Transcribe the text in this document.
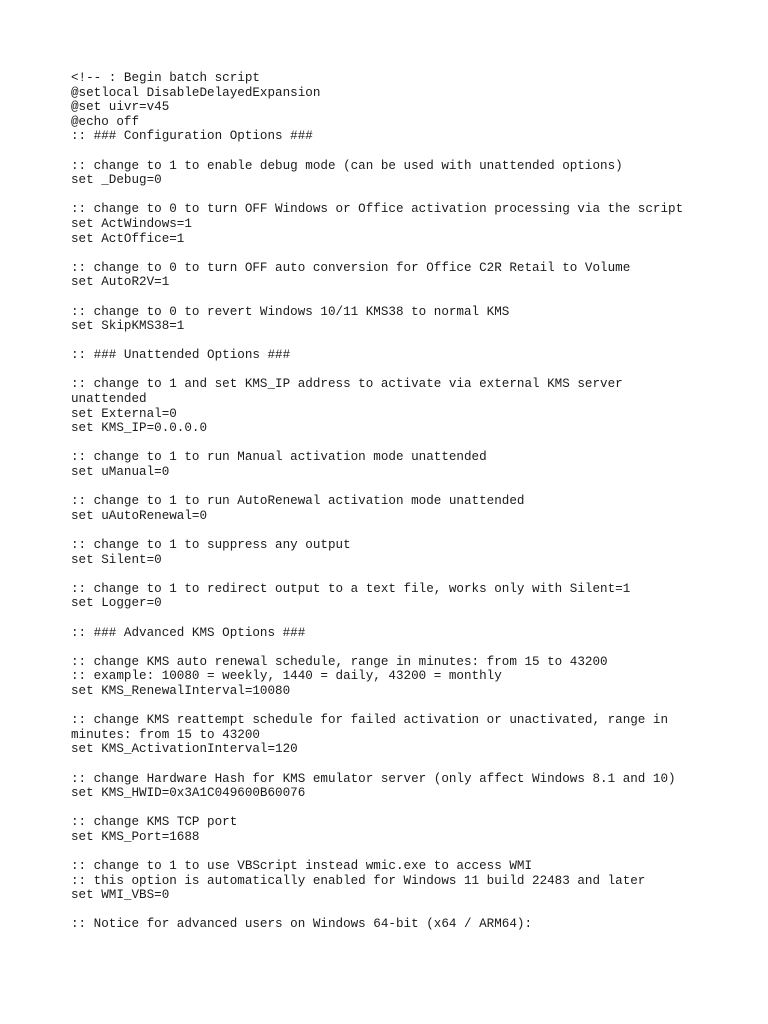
<!-- : Begin batch script
@setlocal DisableDelayedExpansion
@set uivr=v45
@echo off
:: ### Configuration Options ###
:: change to 1 to enable debug mode (can be used with unattended options)
set _Debug=0
:: change to 0 to turn OFF Windows or Office activation processing via the script
set ActWindows=1
set ActOffice=1
:: change to 0 to turn OFF auto conversion for Office C2R Retail to Volume
set AutoR2V=1
:: change to 0 to revert Windows 10/11 KMS38 to normal KMS
set SkipKMS38=1
:: ### Unattended Options ###
:: change to 1 and set KMS_IP address to activate via external KMS server
unattended
set External=0
set KMS_IP=0.0.0.0
:: change to 1 to run Manual activation mode unattended
set uManual=0
:: change to 1 to run AutoRenewal activation mode unattended
set uAutoRenewal=0
:: change to 1 to suppress any output
set Silent=0
:: change to 1 to redirect output to a text file, works only with Silent=1
set Logger=0
:: ### Advanced KMS Options ###
:: change KMS auto renewal schedule, range in minutes: from 15 to 43200
:: example: 10080 = weekly, 1440 = daily, 43200 = monthly
set KMS_RenewalInterval=10080
:: change KMS reattempt schedule for failed activation or unactivated, range in
minutes: from 15 to 43200
set KMS_ActivationInterval=120
:: change Hardware Hash for KMS emulator server (only affect Windows 8.1 and 10)
set KMS_HWID=0x3A1C049600B60076
:: change KMS TCP port
set KMS_Port=1688
:: change to 1 to use VBScript instead wmic.exe to access WMI
:: this option is automatically enabled for Windows 11 build 22483 and later
set WMI_VBS=0
:: Notice for advanced users on Windows 64-bit (x64 / ARM64):
